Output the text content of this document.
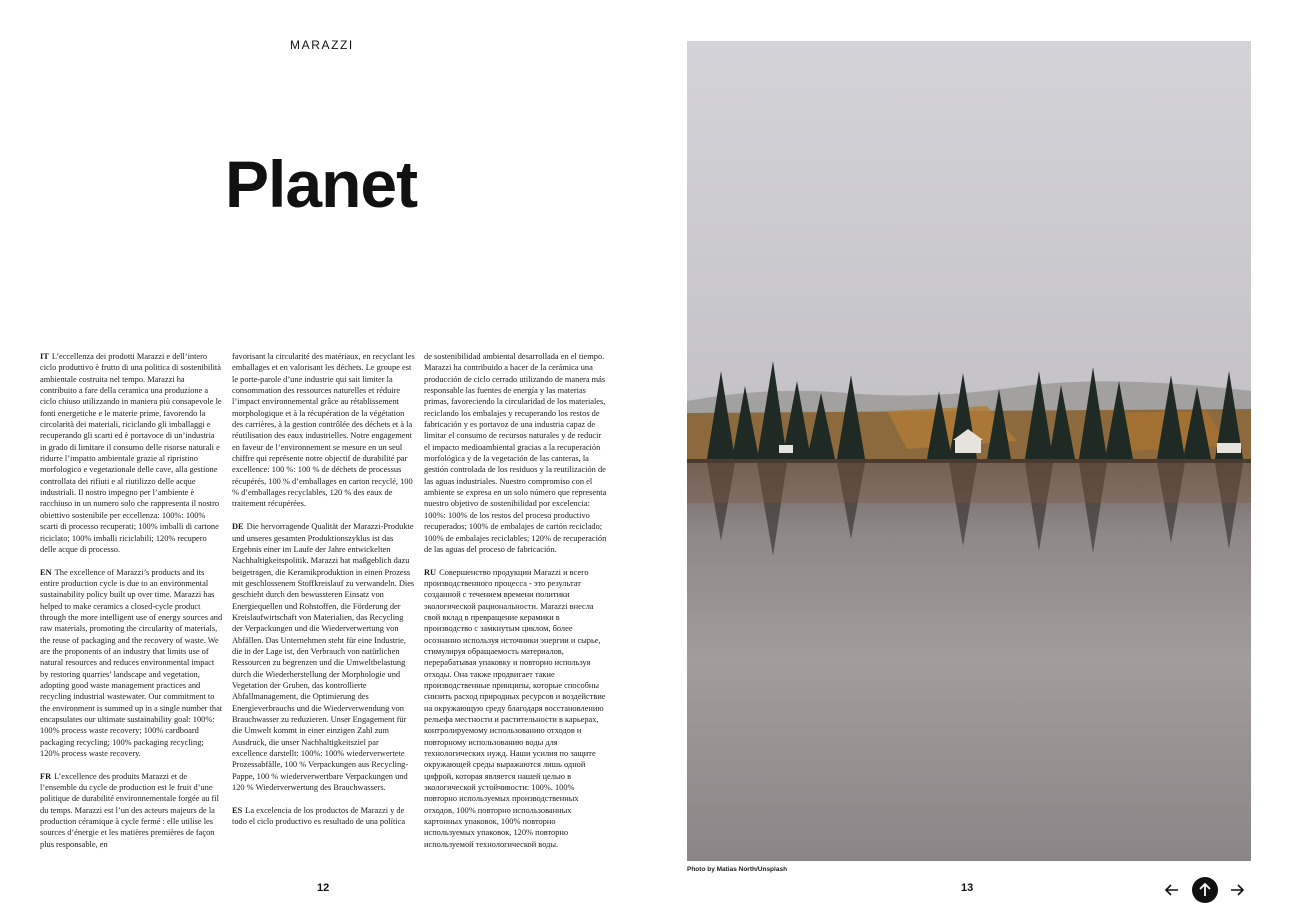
MARAZZI
Planet

IT L’eccellenza dei prodotti Marazzi e dell’intero ciclo produttivo è frutto di una politica di sostenibilità ambientale costruita nel tempo. Marazzi ha contribuito a fare della ceramica una produzione a ciclo chiuso utilizzando in maniera più consapevole le fonti energetiche e le materie prime, favorendo la circolarità dei materiali, riciclando gli imballaggi e recuperando gli scarti ed è portavoce di un’industria in grado di limitare il consumo delle risorse naturali e ridurre l’impatto ambientale grazie al ripristino morfologico e vegetazionale delle cave, alla gestione controllata dei rifiuti e al riutilizzo delle acque industriali. Il nostro impegno per l’ambiente è racchiuso in un numero solo che rappresenta il nostro obiettivo sostenibile per eccellenza: 100%: 100% scarti di processo recuperati; 100% imballi di cartone riciclato; 100% imballi riciclabili; 120% recupero delle acque di processo.

EN The excellence of Marazzi’s products and its entire production cycle is due to an environmental sustainability policy built up over time. Marazzi has helped to make ceramics a closed-cycle product through the more intelligent use of energy sources and raw materials, promoting the circularity of materials, the reuse of packaging and the recovery of waste. We are the proponents of an industry that limits use of natural resources and reduces environmental impact by restoring quarries’ landscape and vegetation, adopting good waste management practices and recycling industrial wastewater. Our commitment to the environment is summed up in a single number that encapsulates our ultimate sustainability goal: 100%: 100% process waste recovery; 100% cardboard packaging recycling; 100% packaging recycling; 120% process waste recovery.

FR L’excellence des produits Marazzi et de l’ensemble du cycle de production est le fruit d’une politique de durabilité environnementale forgée au fil du temps. Marazzi est l’un des acteurs majeurs de la production céramique à cycle fermé : elle utilise les sources d’énergie et les matières premières de façon plus responsable, en

favorisant la circularité des matériaux, en recyclant les emballages et en valorisant les déchets. Le groupe est le porte-parole d’une industrie qui sait limiter la consommation des ressources naturelles et réduire l’impact environnemental grâce au rétablissement morphologique et à la récupération de la végétation des carrières, à la gestion contrôlée des déchets et à la réutilisation des eaux industrielles. Notre engagement en faveur de l’environnement se mesure en un seul chiffre qui représente notre objectif de durabilité par excellence: 100 %: 100 % de déchets de processus récupérés, 100 % d’emballages en carton recyclé, 100 % d’emballages recyclables, 120 % des eaux de traitement récupérées.

DE Die hervorragende Qualität der Marazzi-Produkte und unseres gesamten Produktionszyklus ist das Ergebnis einer im Laufe der Jahre entwickelten Nachhaltigkeitspolitik. Marazzi hat maßgeblich dazu beigetragen, die Keramikproduktion in einen Prozess mit geschlossenem Stoffkreislauf zu verwandeln. Dies geschieht durch den bewussteren Einsatz von Energiequellen und Rohstoffen, die Förderung der Kreislaufwirtschaft von Materialien, das Recycling der Verpackungen und die Wiederverwertung von Abfällen. Das Unternehmen steht für eine Industrie, die in der Lage ist, den Verbrauch von natürlichen Ressourcen zu begrenzen und die Umweltbelastung durch die Wiederherstellung der Morphologie und Vegetation der Gruben, das kontrollierte Abfallmanagement, die Optimierung des Energieverbrauchs und die Wiederverwendung von Brauchwasser zu reduzieren. Unser Engagement für die Umwelt kommt in einer einzigen Zahl zum Ausdruck, die unser Nachhaltigkeitsziel par excellence darstellt: 100%: 100% wiederverwertete Prozessabfälle, 100 % Verpackungen aus Recycling-Pappe, 100 % wiederverwertbare Verpackungen und 120 % Wiederverwertung des Brauchwassers.

ES La excelencia de los productos de Marazzi y de todo el ciclo productivo es resultado de una política

de sostenibilidad ambiental desarrollada en el tiempo. Marazzi ha contribuido a hacer de la cerámica una producción de ciclo cerrado utilizando de manera más responsable las fuentes de energía y las materias primas, favoreciendo la circularidad de los materiales, reciclando los embalajes y recuperando los restos de fabricación y es portavoz de una industria capaz de limitar el consumo de recursos naturales y de reducir el impacto medioambiental gracias a la recuperación morfológica y de la vegetación de las canteras, la gestión controlada de los residuos y la reutilización de las aguas industriales. Nuestro compromiso con el ambiente se expresa en un solo número que representa nuestro objetivo de sostenibilidad por excelencia: 100%: 100% de los restos del proceso productivo recuperados; 100% de embalajes de cartón reciclado; 100% de embalajes reciclables; 120% de recuperación de las aguas del proceso de fabricación.

RU Совершенство продукции Marazzi и всего производственного процесса - это результат созданной с течением времени политики экологической рациональности. Marazzi внесла свой вклад в превращение керамики в производство с замкнутым циклом, более осознанно используя источники энергии и сырье, стимулируя обращаемость материалов, перерабатывая упаковку и повторно используя отходы. Она также продвигает такие производственные принципы, которые способны снизить расход природных ресурсов и воздействие на окружающую среду благодаря восстановлению рельефа местности и растительности в карьерах, контролируемому использованию отходов и повторному использованию воды для технологических нужд. Наши усилия по защите окружающей среды выражаются лишь одной цифрой, которая является нашей целью в экологической устойчивости: 100%. 100% повторно используемых производственных отходов, 100% повторно использованных картонных упаковок, 100% повторно используемых упаковок, 120% повторно используемой технологической воды.

Photo by Matias North/Unsplash
12	13
